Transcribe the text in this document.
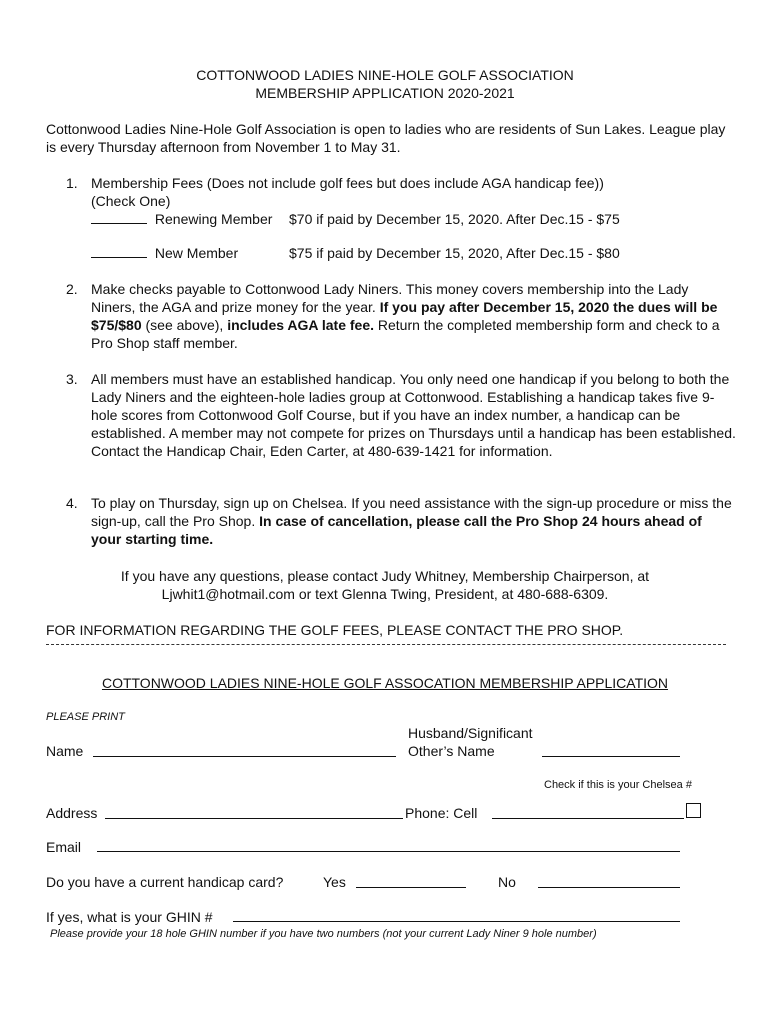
COTTONWOOD LADIES NINE-HOLE GOLF ASSOCIATION
MEMBERSHIP APPLICATION 2020-2021
Cottonwood Ladies Nine-Hole Golf Association is open to ladies who are residents of Sun Lakes. League play is every Thursday afternoon from November 1 to May 31.
1. Membership Fees (Does not include golf fees but does include AGA handicap fee))
(Check One)
Renewing Member $70 if paid by December 15, 2020. After Dec.15 - $75
New Member	$75 if paid by December 15, 2020, After Dec.15 - $80
2. Make checks payable to Cottonwood Lady Niners. This money covers membership into the Lady Niners, the AGA and prize money for the year. If you pay after December 15, 2020 the dues will be $75/$80 (see above), includes AGA late fee. Return the completed membership form and check to a Pro Shop staff member.
3. All members must have an established handicap. You only need one handicap if you belong to both the Lady Niners and the eighteen-hole ladies group at Cottonwood. Establishing a handicap takes five 9-hole scores from Cottonwood Golf Course, but if you have an index number, a handicap can be established. A member may not compete for prizes on Thursdays until a handicap has been established. Contact the Handicap Chair, Eden Carter, at 480-639-1421 for information.
4. To play on Thursday, sign up on Chelsea. If you need assistance with the sign-up procedure or miss the sign-up, call the Pro Shop. In case of cancellation, please call the Pro Shop 24 hours ahead of your starting time.
If you have any questions, please contact Judy Whitney, Membership Chairperson, at
Ljwhit1@hotmail.com or text Glenna Twing, President, at 480-688-6309.
FOR INFORMATION REGARDING THE GOLF FEES, PLEASE CONTACT THE PRO SHOP.
COTTONWOOD LADIES NINE-HOLE GOLF ASSOCATION MEMBERSHIP APPLICATION
PLEASE PRINT
Name
Husband/Significant
Other’s Name
Check if this is your Chelsea #
Address	Phone: Cell
Email
Do you have a current handicap card?	Yes	No
If yes, what is your GHIN #
Please provide your 18 hole GHIN number if you have two numbers (not your current Lady Niner 9 hole number)
